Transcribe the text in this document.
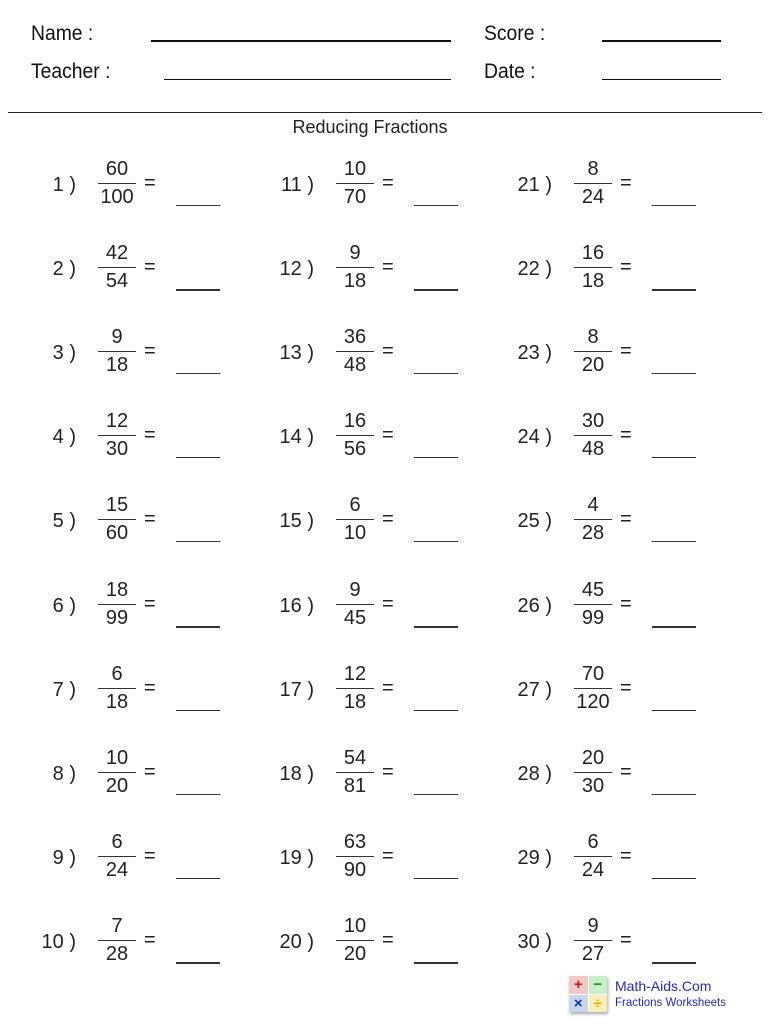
Name :
Teacher :
Score :
Date :
Reducing Fractions
1 )
60
100
=
2 )
42
54
=
3 )
9
18
=
4 )
12
30
=
5 )
15
60
=
6 )
18
99
=
7 )
6
18
=
8 )
10
20
=
9 )
6
24
=
10 )
7
28
=
11 )
10
70
=
12 )
9
18
=
13 )
36
48
=
14 )
16
56
=
15 )
6
10
=
16 )
9
45
=
17 )
12
18
=
18 )
54
81
=
19 )
63
90
=
20 )
10
20
=
21 )
8
24
=
22 )
16
18
=
23 )
8
20
=
24 )
30
48
=
25 )
4
28
=
26 )
45
99
=
27 )
70
120
=
28 )
20
30
=
29 )
6
24
=
30 )
9
27
=
+ −
× ÷
Math-Aids.Com
Fractions Worksheets
